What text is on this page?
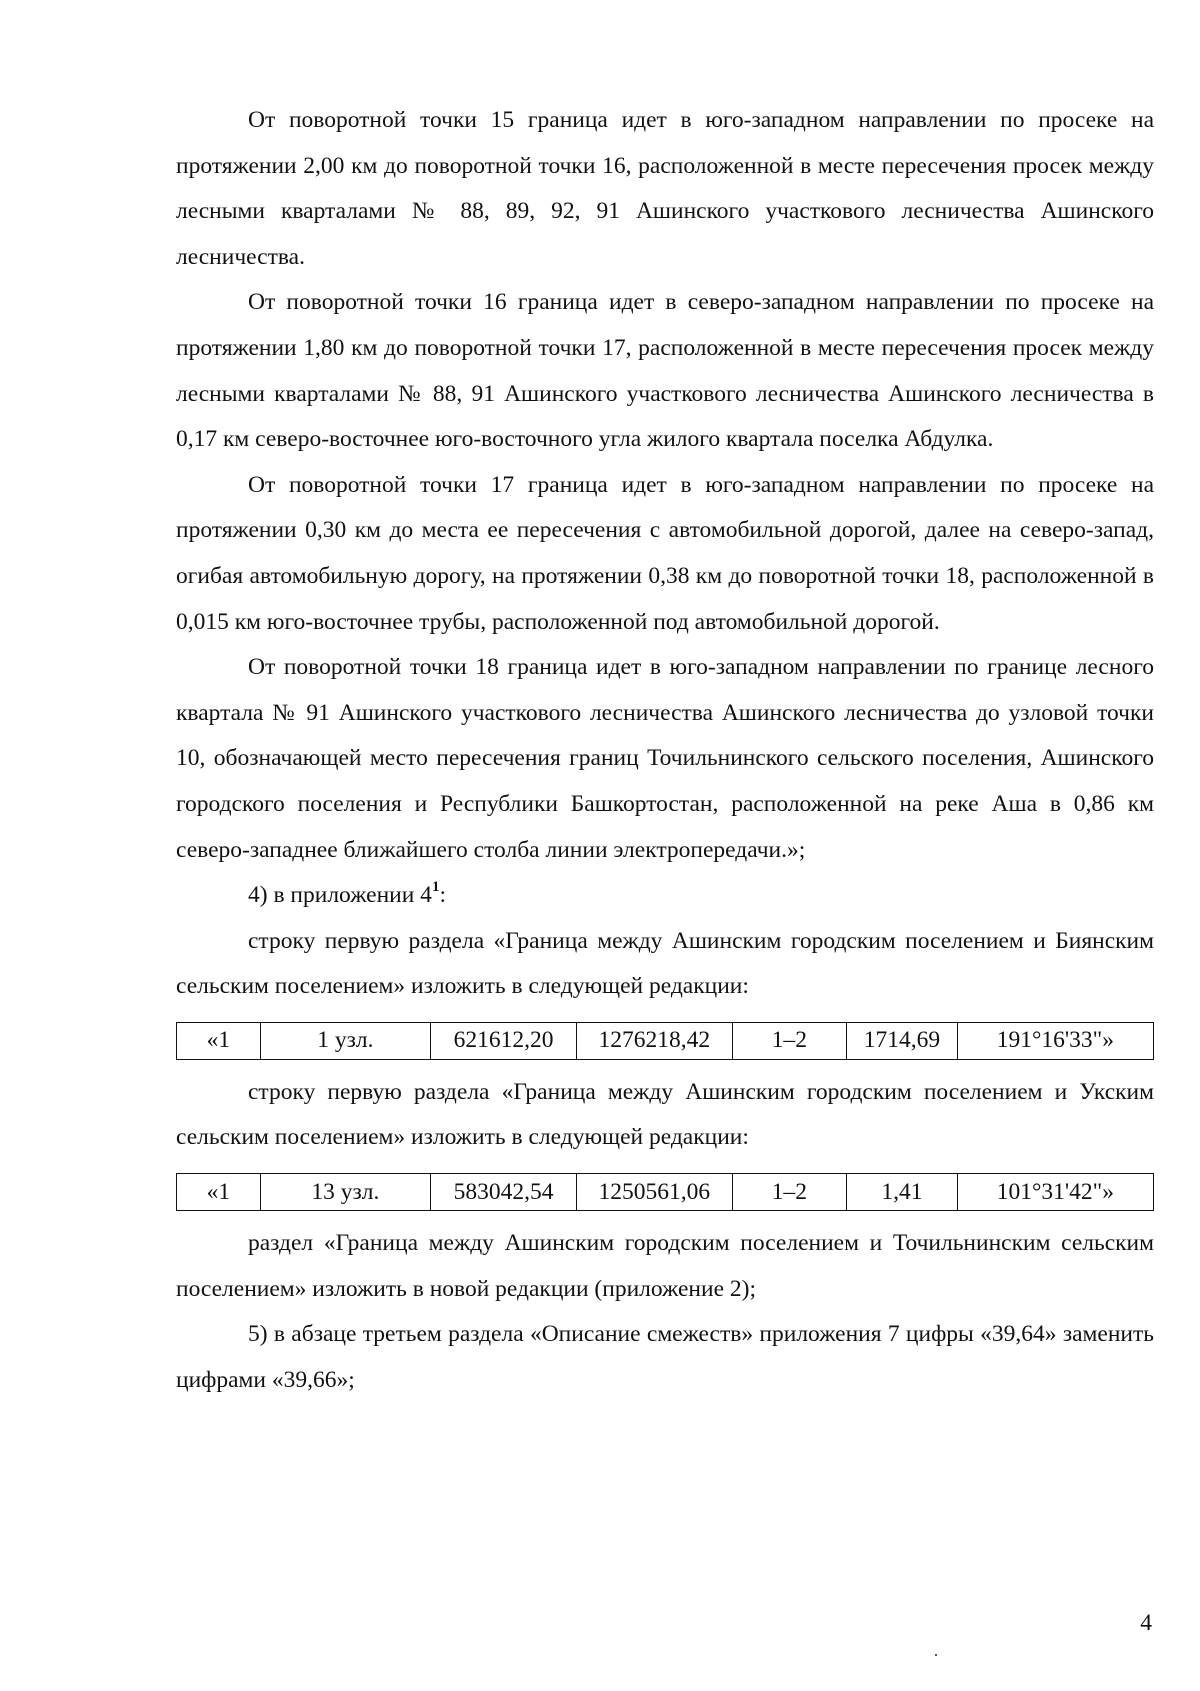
От поворотной точки 15 граница идет в юго-западном направлении по просеке на протяжении 2,00 км до поворотной точки 16, расположенной в месте пересечения просек между лесными кварталами № 88, 89, 92, 91 Ашинского участкового лесничества Ашинского лесничества.

От поворотной точки 16 граница идет в северо-западном направлении по просеке на протяжении 1,80 км до поворотной точки 17, расположенной в месте пересечения просек между лесными кварталами № 88, 91 Ашинского участкового лесничества Ашинского лесничества в 0,17 км северо-восточнее юго-восточного угла жилого квартала поселка Абдулка.

От поворотной точки 17 граница идет в юго-западном направлении по просеке на протяжении 0,30 км до места ее пересечения с автомобильной дорогой, далее на северо-запад, огибая автомобильную дорогу, на протяжении 0,38 км до поворотной точки 18, расположенной в 0,015 км юго-восточнее трубы, расположенной под автомобильной дорогой.

От поворотной точки 18 граница идет в юго-западном направлении по границе лесного квартала № 91 Ашинского участкового лесничества Ашинского лесничества до узловой точки 10, обозначающей место пересечения границ Точильнинского сельского поселения, Ашинского городского поселения и Республики Башкортостан, расположенной на реке Аша в 0,86 км северо-западнее ближайшего столба линии электропередачи.»;

4) в приложении $4^1$:

строку первую раздела «Граница между Ашинским городским поселением и Биянским сельским поселением» изложить в следующей редакции:

«1	1 узл.	621612,20	1276218,42	1–2	1714,69	191°16'33"»

строку первую раздела «Граница между Ашинским городским поселением и Укским сельским поселением» изложить в следующей редакции:

«1	13 узл.	583042,54	1250561,06	1–2	1,41	101°31'42"»

раздел «Граница между Ашинским городским поселением и Точильнинским сельским поселением» изложить в новой редакции (приложение 2);

5) в абзаце третьем раздела «Описание смежеств» приложения 7 цифры «39,64» заменить цифрами «39,66»;

4
